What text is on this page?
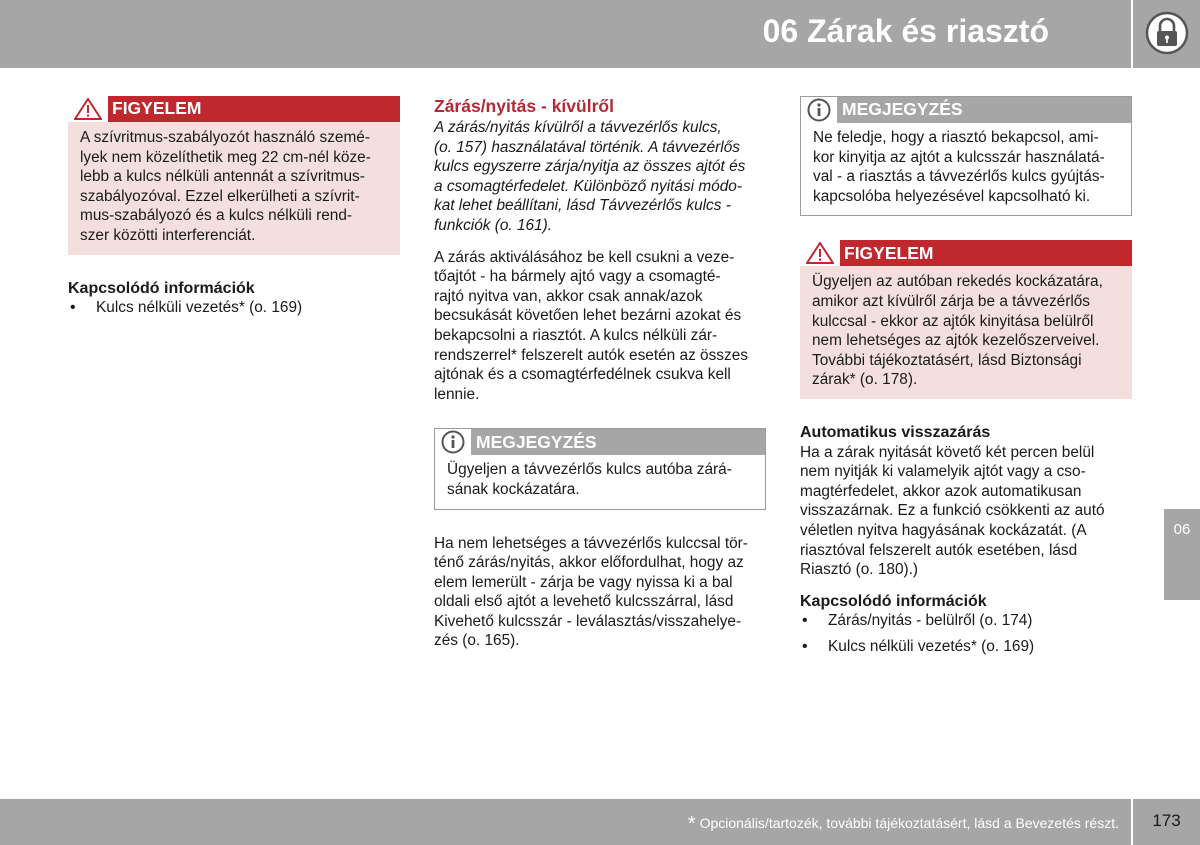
06 Zárak és riasztó
FIGYELEM
A szívritmus-szabályozót használó szemé-
lyek nem közelíthetik meg 22 cm-nél köze-
lebb a kulcs nélküli antennát a szívritmus-
szabályozóval. Ezzel elkerülheti a szívrit-
mus-szabályozó és a kulcs nélküli rend-
szer közötti interferenciát.
Kapcsolódó információk
• Kulcs nélküli vezetés* (o. 169)
Zárás/nyitás - kívülről

A zárás/nyitás kívülről a távvezérlős kulcs,
(o. 157) használatával történik. A távvezérlős
kulcs egyszerre zárja/nyitja az összes ajtót és
a csomagtérfedelet. Különböző nyitási módo-
kat lehet beállítani, lásd Távvezérlős kulcs -
funkciók (o. 161).

A zárás aktiválásához be kell csukni a veze-
tőajtót - ha bármely ajtó vagy a csomagté-
rajtó nyitva van, akkor csak annak/azok
becsukását követően lehet bezárni azokat és
bekapcsolni a riasztót. A kulcs nélküli zár-
rendszerrel* felszerelt autók esetén az összes
ajtónak és a csomagtérfedélnek csukva kell
lennie.

MEGJEGYZÉS
Ügyeljen a távvezérlős kulcs autóba zárá-
sának kockázatára.

Ha nem lehetséges a távvezérlős kulccsal tör-
ténő zárás/nyitás, akkor előfordulhat, hogy az
elem lemerült - zárja be vagy nyissa ki a bal
oldali első ajtót a levehető kulcsszárral, lásd
Kivehető kulcsszár - leválasztás/visszahelye-
zés (o. 165).

MEGJEGYZÉS
Ne feledje, hogy a riasztó bekapcsol, ami-
kor kinyitja az ajtót a kulcsszár használatá-
val - a riasztás a távvezérlős kulcs gyújtás-
kapcsolóba helyezésével kapcsolható ki.
FIGYELEM
Ügyeljen az autóban rekedés kockázatára,
amikor azt kívülről zárja be a távvezérlős
kulccsal - ekkor az ajtók kinyitása belülről
nem lehetséges az ajtók kezelőszerveivel.
További tájékoztatásért, lásd Biztonsági
zárak* (o. 178).
Automatikus visszazárás

Ha a zárak nyitását követő két percen belül
nem nyitják ki valamelyik ajtót vagy a cso-
magtérfedelet, akkor azok automatikusan
visszazárnak. Ez a funkció csökkenti az autó
véletlen nyitva hagyásának kockázatát. (A
riasztóval felszerelt autók esetében, lásd
Riasztó (o. 180).)

Kapcsolódó információk
• Zárás/nyitás - belülről (o. 174)
• Kulcs nélküli vezetés* (o. 169)
06
* Opcionális/tartozék, további tájékoztatásért, lásd a Bevezetés részt.	173
